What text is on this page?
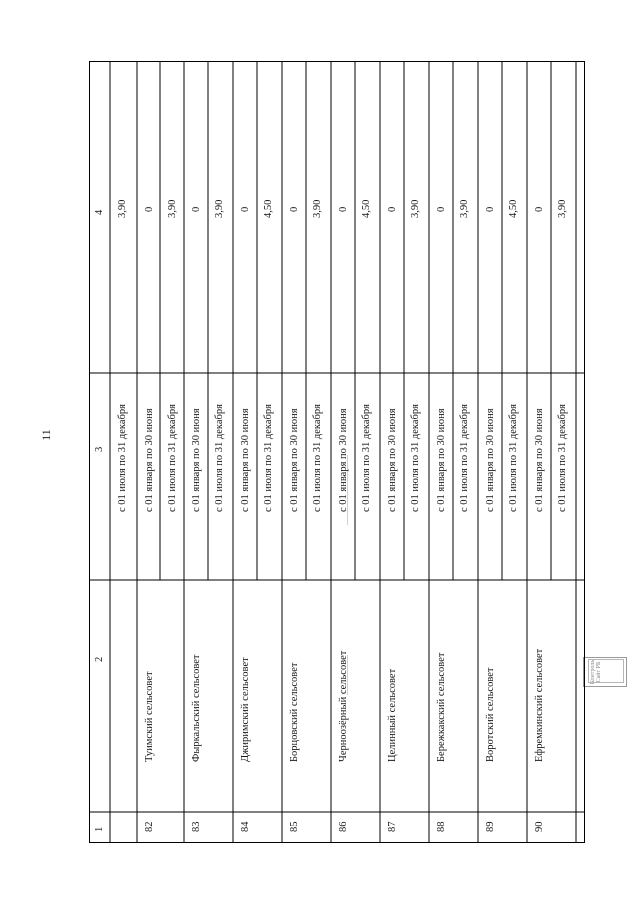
11
Контроль Сайт РБ
1
2
3
4
с 01 июля по 31 декабря
3,90
82
Туимский сельсовет
с 01 января по 30 июня с 01 июля по 31 декабря
0 3,90
83
Фыркальский сельсовет
с 01 января по 30 июня с 01 июля по 31 декабря
0 3,90
84
Джиримский сельсовет
с 01 января по 30 июня с 01 июля по 31 декабря
0 4,50
85
Борцовский сельсовет
с 01 января по 30 июня с 01 июля по 31 декабря
0 3,90
86
Черноозёрный сельсовет
с 01 января по 30 июня с 01 июля по 31 декабря
0 4,50
87
Целинный сельсовет
с 01 января по 30 июня с 01 июля по 31 декабря
0 3,90
88
Бережкакский сельсовет
с 01 января по 30 июня с 01 июля по 31 декабря
0 3,90
89
Воротский сельсовет
с 01 января по 30 июня с 01 июля по 31 декабря
0 4,50
90
Ефремкинский сельсовет
с 01 января по 30 июня с 01 июля по 31 декабря
0 3,90
